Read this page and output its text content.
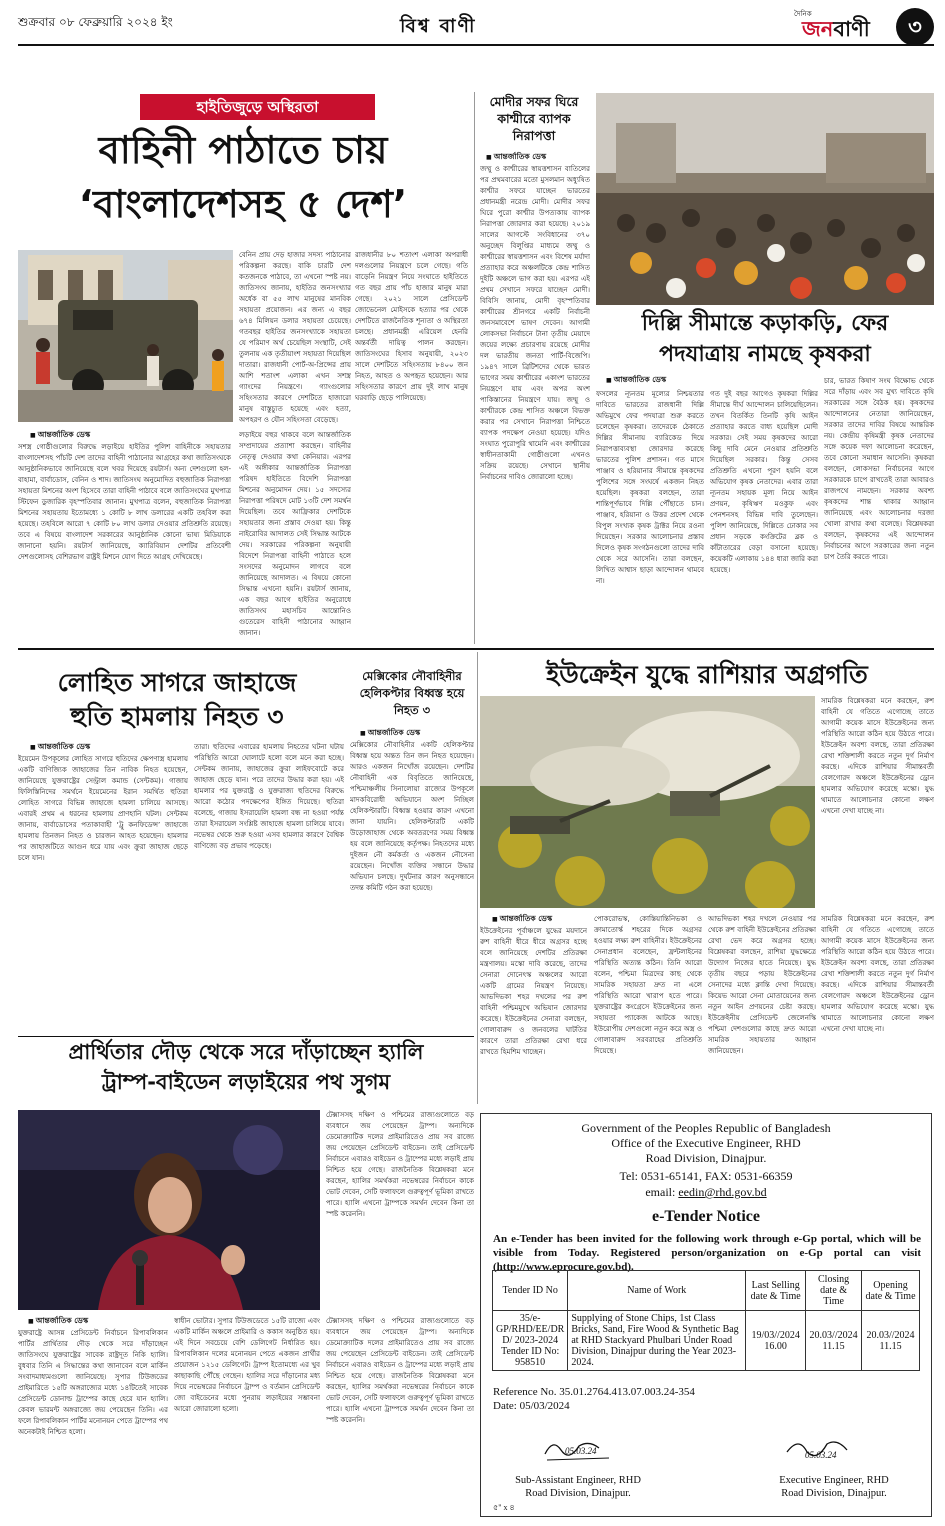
শুক্রবার ০৮ ফেব্রুয়ারি ২০২৪ ইং	বিশ্ব বাণী
দৈনিক
জনবাণী	৩
হাইতিজুড়ে অস্থিরতা
বাহিনী পাঠাতে চায়
‘বাংলাদেশসহ ৫ দেশ’
বেনিন প্রায় দেড় হাজার সদস্য পাঠানোর পরিকল্পনা করছে। বাকি চারটি দেশ কতজনকে পাঠাবে, তা এখনো স্পষ্ট নয়। জাতিসংঘ জানায়, হাইতির জনসংখ্যার অর্ধেক বা ৫৫ লাখ মানুষের মানবিক সহায়তা প্রয়োজন। এর জন্য এ বছর ৬৭৪ মিলিয়ন ডলার সহায়তা চেয়েছে। গতবছর হাইতির জনসংখ্যাকে সহায়তা যে পরিমাণ অর্থ চেয়েছিল সংস্থাটি, সেই তুলনায় এক তৃতীয়াংশ সহায়তা দিয়েছিল দাতারা। রাজধানী পোর্ট-অ-প্রিন্সের প্রায় আশি শতাংশ এলাকা এখন সশস্ত্র গ্যাংদের নিয়ন্ত্রণে। গ্যাংগুলোর সহিংসতার কারণে দেশটিতে হাজারো মানুষ বাস্তুচ্যুত হয়েছে এবং হত্যা, অপহরণ ও যৌন সহিংসতা বেড়েছে।
রাজধানীর ৮০ শতাংশ এলাকা অপরাধী দলগুলোর নিয়ন্ত্রণে চলে গেছে। গতি বাড়েনি নিয়ন্ত্রণ নিয়ে সংঘাতে হাইতিতে গত বছর প্রায় পাঁচ হাজার মানুষ মারা গেছে। ২০২১ সালে প্রেসিডেন্ট জোভেনেল মোইসকে হত্যার পর থেকে দেশটিতে রাজনৈতিক শূন্যতা ও অস্থিরতা চলছে। প্রধানমন্ত্রী এরিয়েল হেনরি অন্তর্বর্তী দায়িত্ব পালন করছেন। জাতিসংঘের হিসাব অনুযায়ী, ২০২৩ সালে দেশটিতে সহিংসতায় ৮৪০০ জন নিহত, আহত ও অপহৃত হয়েছেন। আর সহিংসতার কারণে প্রায় দুই লাখ মানুষ ঘরবাড়ি ছেড়ে পালিয়েছে।
■ আন্তর্জাতিক ডেস্ক
সশস্ত্র গোষ্ঠীগুলোর বিরুদ্ধে লড়াইয়ে হাইতির পুলিশ বাহিনীকে সহায়তার বাংলাদেশসহ পাঁচটি দেশ তাদের বাহিনী পাঠানোর আগ্রহের কথা জাতিসংঘকে আনুষ্ঠানিকভাবে জানিয়েছে বলে খবর দিয়েছে রয়টার্স। অন্য দেশগুলো হল- বাহামা, বার্বাডোস, বেনিন ও শাদ। জাতিসংঘ অনুমোদিত বহুজাতিক নিরাপত্তা সহায়তা মিশনের অংশ হিসেবে তারা বাহিনী পাঠাবে বলে জাতিসংঘের মুখপাত্র স্টিফেন ডুজারিক বৃহস্পতিবার জানান। মুখপাত্র বলেন, বহুজাতিক নিরাপত্তা মিশনের সহায়তায় ইতোমধ্যে ১ কোটি ৮ লাখ ডলারের একটি তহবিল করা হয়েছে। তহবিলে আরো ৭ কোটি ৮০ লাখ ডলার দেওয়ার প্রতিশ্রুতি রয়েছে। তবে এ বিষয়ে বাংলাদেশ সরকারের আনুষ্ঠানিক কোনো ভাষ্য মিডিয়াকে জানানো হয়নি। রয়টার্স জানিয়েছে, ক্যারিবিয়ান দেশটির প্রতিবেশী দেশগুলোসহ বেশিরভাগ রাষ্ট্রই মিশনে যোগ দিতে আগ্রহ দেখিয়েছে।
লড়াইয়ে বহুর থাকবে বলে আন্তর্জাতিক সম্প্রদায়ের প্রত্যাশা করছেন। বাহিনীর নেতৃত্ব দেওয়ার কথা কেনিয়ার। এরপর এই অঙ্গীকার আন্তর্জাতিক নিরাপত্তা পরিষদ হাইতিতে বিদেশি নিরাপত্তা মিশনের অনুমোদন দেয়। ১৫ সদস্যের নিরাপত্তা পরিষদে মোট ১৩টি দেশ সমর্থন দিয়েছিল। তবে আফ্রিকার দেশটিকে সহায়তার জন্য প্রস্তাব দেওয়া হয়। কিন্তু নাইরোবির আদালত সেই সিদ্ধান্ত আটকে দেয়। সরকারের পরিকল্পনা অনুযায়ী বিদেশে নিরাপত্তা বাহিনী পাঠাতে হলে সংসদের অনুমোদন লাগবে বলে জানিয়েছে আদালত। এ বিষয়ে কোনো সিদ্ধান্ত এখনো হয়নি। রয়টার্স জানায়, এক বছর আগে হাইতির অনুরোধে জাতিসংঘ মহাসচিব আন্তোনিও গুতেরেস বাহিনী পাঠানোর আহ্বান জানান।
মোদীর সফর ঘিরে কাশ্মীরে ব্যাপক নিরাপত্তা
■ আন্তর্জাতিক ডেস্ক
জম্মু ও কাশ্মীরের স্বায়ত্তশাসন বাতিলের পর প্রথমবারের মতো মুসলমান অধ্যুষিত কাশ্মীর সফরে যাচ্ছেন ভারতের প্রধানমন্ত্রী নরেন্দ্র মোদী। মোদীর সফর ঘিরে পুরো কাশ্মীর উপত্যকায় ব্যাপক নিরাপত্তা জোরদার করা হয়েছে। ২০১৯ সালের আগস্টে সংবিধানের ৩৭০ অনুচ্ছেদ বিলুপ্তির মাধ্যমে জম্মু ও কাশ্মীরের স্বায়ত্তশাসন এবং বিশেষ মর্যাদা প্রত্যাহার করে অঞ্চলটিকে কেন্দ্র শাসিত দুইটি অঞ্চলে ভাগ করা হয়। এরপর এই প্রথম সেখানে সফরে যাচ্ছেন মোদী। বিবিসি জানায়, মোদী বৃহস্পতিবার কাশ্মীরের শ্রীনগরে একটি নির্বাচনী জনসমাবেশে ভাষণ দেবেন। আগামী লোকসভা নির্বাচনে টানা তৃতীয় মেয়াদে জয়ের লক্ষ্যে প্রচারণায় রয়েছে মোদীর দল ভারতীয় জনতা পার্টি-বিজেপি। ১৯৪৭ সালে ব্রিটিশদের থেকে ভারত ভাগের সময় কাশ্মীরের একাংশ ভারতের নিয়ন্ত্রণে যায় এবং অপর অংশ পাকিস্তানের নিয়ন্ত্রণে যায়। জম্মু ও কাশ্মীরকে কেন্দ্র শাসিত অঞ্চলে বিভক্ত করার পর সেখানে নিরাপত্তা নিশ্চিতে ব্যাপক পদক্ষেপ নেওয়া হয়েছে। যদিও সংঘাত পুরোপুরি থামেনি এবং কাশ্মীরের স্বাধীনতাকামী গোষ্ঠীগুলো এখনও সক্রিয় রয়েছে। সেখানে স্থানীয় নির্বাচনের দাবিও জোরালো হচ্ছে।
দিল্লি সীমান্তে কড়াকড়ি, ফের
পদযাত্রায় নামছে কৃষকরা
■ আন্তর্জাতিক ডেস্ক
ফসলের ন্যূনতম মূল্যের নিশ্চয়তার দাবিতে ভারতের রাজধানী দিল্লি অভিমুখে ফের পদযাত্রা শুরু করতে চলেছেন কৃষকরা। তাদেরকে ঠেকাতে দিল্লির সীমানায় ব্যারিকেড দিয়ে নিরাপত্তাব্যবস্থা জোরদার করেছে ভারতের পুলিশ প্রশাসন। গত মাসে পাঞ্জাব ও হরিয়ানার সীমান্তে কৃষকদের পুলিশের সঙ্গে সংঘর্ষে একজন নিহত হয়েছিল। কৃষকরা বলছেন, তারা শান্তিপূর্ণভাবে দিল্লি পৌঁছাতে চান। পাঞ্জাব, হরিয়ানা ও উত্তর প্রদেশ থেকে বিপুল সংখ্যক কৃষক ট্রাক্টর নিয়ে রওনা দিয়েছেন। সরকার আলোচনার প্রস্তাব দিলেও কৃষক সংগঠনগুলো তাদের দাবি থেকে সরে আসেনি। তারা বলছেন, লিখিত আশ্বাস ছাড়া আন্দোলন থামবে না।
গত দুই বছর আগেও কৃষকরা দিল্লির সীমান্তে দীর্ঘ আন্দোলন চালিয়েছিলেন। তখন বিতর্কিত তিনটি কৃষি আইন প্রত্যাহার করতে বাধ্য হয়েছিল মোদী সরকার। সেই সময় কৃষকদের আরো কিছু দাবি মেনে নেওয়ার প্রতিশ্রুতি দিয়েছিল সরকার। কিন্তু সেসব প্রতিশ্রুতি এখনো পূরণ হয়নি বলে অভিযোগ কৃষক নেতাদের। এবার তারা ন্যূনতম সহায়ক মূল্য নিয়ে আইন প্রণয়ন, কৃষিঋণ মওকুফ এবং পেনশনসহ বিভিন্ন দাবি তুলেছেন। পুলিশ জানিয়েছে, দিল্লিতে ঢোকার সব প্রধান সড়কে কংক্রিটের ব্লক ও কাঁটাতারের বেড়া বসানো হয়েছে। কয়েকটি এলাকায় ১৪৪ ধারা জারি করা হয়েছে।
চার, ভারত কিষাণ সংঘ বিক্ষোভ থেকে সরে দাঁড়ায় এবং সব মুখ্য দাবিতে কৃষি সরকারের সঙ্গে বৈঠক হয়। কৃষকদের আন্দোলনের নেতারা জানিয়েছেন, সরকার তাদের দাবির বিষয়ে আন্তরিক নয়। কেন্দ্রীয় কৃষিমন্ত্রী কৃষক নেতাদের সঙ্গে কয়েক দফা আলোচনা করেছেন, তবে কোনো সমাধান আসেনি। কৃষকরা বলছেন, লোকসভা নির্বাচনের আগে সরকারকে চাপে রাখতেই তারা আবারও রাজপথে নামছেন। সরকার অবশ্য কৃষকদের শান্ত থাকার আহ্বান জানিয়েছে এবং আলোচনার দরজা খোলা রাখার কথা বলেছে। বিশ্লেষকরা বলছেন, কৃষকদের এই আন্দোলন নির্বাচনের আগে সরকারের জন্য নতুন চাপ তৈরি করতে পারে।
লোহিত সাগরে জাহাজে
হুতি হামলায় নিহত ৩
■ আন্তর্জাতিক ডেস্ক
ইয়েমেন উপকূলের লোহিত সাগরে হুতিদের ক্ষেপণাস্ত্র হামলায় একটি বাণিজ্যিক জাহাজের তিন নাবিক নিহত হয়েছেন, জানিয়েছে যুক্তরাষ্ট্রের সেন্ট্রাল কমান্ড (সেন্টকম)। গাজায় ফিলিস্তিনিদের সমর্থনে ইয়েমেনের ইরান সমর্থিত হুতিরা লোহিত সাগরে বিভিন্ন জাহাজে হামলা চালিয়ে আসছে। এবারই প্রথম এ ধরনের হামলায় প্রাণহানি ঘটল। সেন্টকম জানায়, বার্বাডোসের পতাকাবাহী ‘ট্রু কনফিডেন্স’ জাহাজে হামলায় তিনজন নিহত ও চারজন আহত হয়েছেন। হামলার পর জাহাজটিতে আগুন ধরে যায় এবং ক্রুরা জাহাজ ছেড়ে চলে যান।
তারা। হুতিদের এবারের হামলায় নিহতের ঘটনা ঘটায় পরিস্থিতি আরো ঘোলাটে হলো বলে মনে করা হচ্ছে। সেন্টকম জানায়, জাহাজের ক্রুরা লাইফবোটে করে জাহাজ ছেড়ে যান। পরে তাদের উদ্ধার করা হয়। এই হামলার পর যুক্তরাষ্ট্র ও যুক্তরাজ্য হুতিদের বিরুদ্ধে আরো কঠোর পদক্ষেপের ইঙ্গিত দিয়েছে। হুতিরা বলেছে, গাজায় ইসরায়েলি হামলা বন্ধ না হওয়া পর্যন্ত তারা ইসরায়েল সংশ্লিষ্ট জাহাজে হামলা চালিয়ে যাবে। নভেম্বর থেকে শুরু হওয়া এসব হামলার কারণে বৈশ্বিক বাণিজ্যে বড় প্রভাব পড়েছে।
মেক্সিকোর নৌবাহিনীর হেলিকপ্টার বিধ্বস্ত হয়ে নিহত ৩
■ আন্তর্জাতিক ডেস্ক
মেক্সিকোর নৌবাহিনীর একটি হেলিকপ্টার বিধ্বস্ত হয়ে অন্তত তিন জন নিহত হয়েছেন। আরও একজন নিখোঁজ রয়েছেন। দেশটির নৌবাহিনী এক বিবৃতিতে জানিয়েছে, পশ্চিমাঞ্চলীয় সিনালোয়া রাজ্যের উপকূলে মাদকবিরোধী অভিযানে অংশ নিচ্ছিল হেলিকপ্টারটি। বিধ্বস্ত হওয়ার কারণ এখনো জানা যায়নি। হেলিকপ্টারটি একটি উড়োজাহাজ থেকে অবতরণের সময় বিধ্বস্ত হয় বলে জানিয়েছে কর্তৃপক্ষ। নিহতদের মধ্যে দুইজন নৌ কর্মকর্তা ও একজন নৌসেনা রয়েছেন। নিখোঁজ ব্যক্তির সন্ধানে উদ্ধার অভিযান চলছে। দুর্ঘটনার কারণ অনুসন্ধানে তদন্ত কমিটি গঠন করা হয়েছে।
প্রার্থিতার দৌড় থেকে সরে দাঁড়াচ্ছেন হ্যালি
ট্রাম্প-বাইডেন লড়াইয়ের পথ সুগম
টেক্সাসসহ দক্ষিণ ও পশ্চিমের রাজ্যগুলোতে বড় ব্যবধানে জয় পেয়েছেন ট্রাম্প। অন্যদিকে ডেমোক্র্যাটিক দলের প্রাইমারিতেও প্রায় সব রাজ্যে জয় পেয়েছেন প্রেসিডেন্ট বাইডেন। তাই প্রেসিডেন্ট নির্বাচনে এবারও বাইডেন ও ট্রাম্পের মধ্যে লড়াই প্রায় নিশ্চিত হয়ে গেছে। রাজনৈতিক বিশ্লেষকরা মনে করছেন, হ্যালির সমর্থকরা নভেম্বরের নির্বাচনে কাকে ভোট দেবেন, সেটি ফলাফলে গুরুত্বপূর্ণ ভূমিকা রাখতে পারে। হ্যালি এখনো ট্রাম্পকে সমর্থন দেবেন কিনা তা স্পষ্ট করেননি।
■ আন্তর্জাতিক ডেস্ক
যুক্তরাষ্ট্রে আসন্ন প্রেসিডেন্ট নির্বাচনে রিপাবলিকান পার্টির প্রার্থিতার দৌড় থেকে সরে দাঁড়াচ্ছেন জাতিসংঘে যুক্তরাষ্ট্রের সাবেক রাষ্ট্রদূত নিকি হ্যালি। বুধবার তিনি এ সিদ্ধান্তের কথা জানাবেন বলে মার্কিন সংবাদমাধ্যমগুলো জানিয়েছে। সুপার টিউজডের প্রাইমারিতে ১৫টি অঙ্গরাজ্যের মধ্যে ১৪টিতেই সাবেক প্রেসিডেন্ট ডোনাল্ড ট্রাম্পের কাছে হেরে যান হ্যালি। কেবল ভারমন্ট অঙ্গরাজ্যে জয় পেয়েছেন তিনি। এর ফলে রিপাবলিকান পার্টির মনোনয়ন পেতে ট্রাম্পের পথ অনেকটাই নিশ্চিত হলো।
স্বাধীন ভোটার। সুপার টিউজডেতে ১৫টি রাজ্যে এবং একটি মার্কিন অঞ্চলে প্রাইমারি ও ককাস অনুষ্ঠিত হয়। এই দিনে সবচেয়ে বেশি ডেলিগেট নির্ধারিত হয়। রিপাবলিকান দলের মনোনয়ন পেতে একজন প্রার্থীর প্রয়োজন ১২১৫ ডেলিগেট। ট্রাম্প ইতোমধ্যে এর খুব কাছাকাছি পৌঁছে গেছেন। হ্যালির সরে দাঁড়ানোর মধ্য দিয়ে নভেম্বরের নির্বাচনে ট্রাম্প ও বর্তমান প্রেসিডেন্ট জো বাইডেনের মধ্যে পুনরায় লড়াইয়ের সম্ভাবনা আরো জোরালো হলো।
টেক্সাসসহ দক্ষিণ ও পশ্চিমের রাজ্যগুলোতে বড় ব্যবধানে জয় পেয়েছেন ট্রাম্প। অন্যদিকে ডেমোক্র্যাটিক দলের প্রাইমারিতেও প্রায় সব রাজ্যে জয় পেয়েছেন প্রেসিডেন্ট বাইডেন। তাই প্রেসিডেন্ট নির্বাচনে এবারও বাইডেন ও ট্রাম্পের মধ্যে লড়াই প্রায় নিশ্চিত হয়ে গেছে। রাজনৈতিক বিশ্লেষকরা মনে করছেন, হ্যালির সমর্থকরা নভেম্বরের নির্বাচনে কাকে ভোট দেবেন, সেটি ফলাফলে গুরুত্বপূর্ণ ভূমিকা রাখতে পারে। হ্যালি এখনো ট্রাম্পকে সমর্থন দেবেন কিনা তা স্পষ্ট করেননি।
ইউক্রেইন যুদ্ধে রাশিয়ার অগ্রগতি
সামরিক বিশ্লেষকরা মনে করছেন, রুশ বাহিনী যে গতিতে এগোচ্ছে তাতে আগামী কয়েক মাসে ইউক্রেইনের জন্য পরিস্থিতি আরো কঠিন হয়ে উঠতে পারে। ইউক্রেইন অবশ্য বলছে, তারা প্রতিরক্ষা রেখা শক্তিশালী করতে নতুন দুর্গ নির্মাণ করছে। এদিকে রাশিয়ার সীমান্তবর্তী বেলগোরদ অঞ্চলে ইউক্রেইনের ড্রোন হামলার অভিযোগ করেছে মস্কো। যুদ্ধ থামাতে আলোচনার কোনো লক্ষণ এখনো দেখা যাচ্ছে না।
■ আন্তর্জাতিক ডেস্ক
ইউক্রেইনের পূর্বাঞ্চলে যুদ্ধের ময়দানে রুশ বাহিনী ধীরে ধীরে অগ্রসর হচ্ছে বলে জানিয়েছে দেশটির প্রতিরক্ষা মন্ত্রণালয়। মস্কো দাবি করেছে, তাদের সেনারা দোনেৎস্ক অঞ্চলের আরো একটি গ্রামের নিয়ন্ত্রণ নিয়েছে। আভদিভকা শহর দখলের পর রুশ বাহিনী পশ্চিমমুখে অভিযান জোরদার করেছে। ইউক্রেইনের সেনারা বলছেন, গোলাবারুদ ও জনবলের ঘাটতির কারণে তারা প্রতিরক্ষা রেখা ধরে রাখতে হিমশিম খাচ্ছেন।
পোকরোভস্ক, কোস্তিয়ান্তিনিভকা ও ক্রামাতোর্স্ক শহরের দিকে অগ্রসর হওয়ার লক্ষ্য রুশ বাহিনীর। ইউক্রেইনের সেনাপ্রধান বলেছেন, ফ্রন্টলাইনের পরিস্থিতি অত্যন্ত কঠিন। তিনি আরো বলেন, পশ্চিমা মিত্রদের কাছ থেকে সামরিক সহায়তা দ্রুত না এলে পরিস্থিতি আরো খারাপ হতে পারে। যুক্তরাষ্ট্রের কংগ্রেসে ইউক্রেইনের জন্য সহায়তা প্যাকেজ আটকে আছে। ইউরোপীয় দেশগুলো নতুন করে অস্ত্র ও গোলাবারুদ সরবরাহের প্রতিশ্রুতি দিয়েছে।
আভদিভকা শহর দখলে নেওয়ার পর থেকে রুশ বাহিনী ইউক্রেইনের প্রতিরক্ষা রেখা ভেদ করে অগ্রসর হচ্ছে। বিশ্লেষকরা বলছেন, রাশিয়া যুদ্ধক্ষেত্রে উদ্যোগ নিজের হাতে নিয়েছে। যুদ্ধ তৃতীয় বছরে পড়ায় ইউক্রেইনের সেনাদের মধ্যে ক্লান্তি দেখা দিয়েছে। কিয়েভ আরো সেনা মোতায়েনের জন্য নতুন আইন প্রণয়নের চেষ্টা করছে। ইউক্রেইনীয় প্রেসিডেন্ট জেলেনস্কি পশ্চিমা দেশগুলোর কাছে দ্রুত আরো সামরিক সহায়তার আহ্বান জানিয়েছেন।
সামরিক বিশ্লেষকরা মনে করছেন, রুশ বাহিনী যে গতিতে এগোচ্ছে তাতে আগামী কয়েক মাসে ইউক্রেইনের জন্য পরিস্থিতি আরো কঠিন হয়ে উঠতে পারে। ইউক্রেইন অবশ্য বলছে, তারা প্রতিরক্ষা রেখা শক্তিশালী করতে নতুন দুর্গ নির্মাণ করছে। এদিকে রাশিয়ার সীমান্তবর্তী বেলগোরদ অঞ্চলে ইউক্রেইনের ড্রোন হামলার অভিযোগ করেছে মস্কো। যুদ্ধ থামাতে আলোচনার কোনো লক্ষণ এখনো দেখা যাচ্ছে না।
Government of the Peoples Republic of Bangladesh
Office of the Executive Engineer, RHD
Road Division, Dinajpur.
Tel: 0531-65141, FAX: 0531-66359
email: eedin@rhd.gov.bd
e-Tender Notice
An e-Tender has been invited for the following work through e-Gp portal, which will be visible from Today. Registered person/organization on e-Gp portal can visit (http://www.eprocure.gov.bd).
Tender ID No	Name of Work	Last Selling date & Time	Closing date & Time	Opening date & Time
35/e-GP/RHD/EE/DR D/ 2023-2024 Tender ID No: 958510	Supplying of Stone Chips, 1st Class Bricks, Sand, Fire Wood & Synthetic Bag at RHD Stackyard Phulbari Under Road Division, Dinajpur during the Year 2023-2024.	19/03//2024 16.00	20.03//2024 11.15	20.03//2024 11.15
Reference No. 35.01.2764.413.07.003.24-354
Date: 05/03/2024
05.03.24	05.03.24
Sub-Assistant Engineer, RHD
Road Division, Dinajpur.
Executive Engineer, RHD
Road Division, Dinajpur.
৫" x ৪
